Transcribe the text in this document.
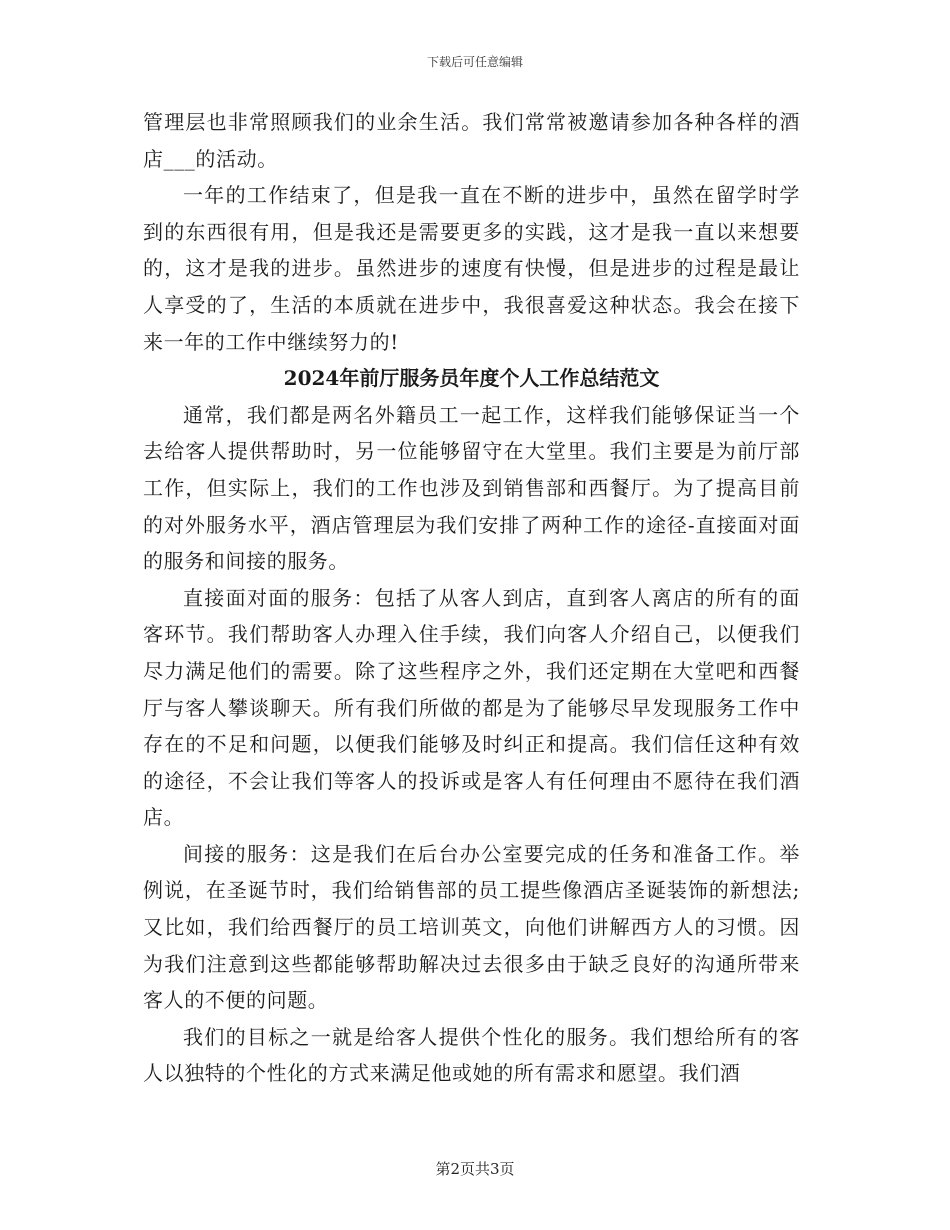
下载后可任意编辑

管理层也非常照顾我们的业余生活。我们常常被邀请参加各种各样的酒店___的活动。

一年的工作结束了，但是我一直在不断的进步中，虽然在留学时学到的东西很有用，但是我还是需要更多的实践，这才是我一直以来想要的，这才是我的进步。虽然进步的速度有快慢，但是进步的过程是最让人享受的了，生活的本质就在进步中，我很喜爱这种状态。我会在接下来一年的工作中继续努力的!

2024年前厅服务员年度个人工作总结范文

通常，我们都是两名外籍员工一起工作，这样我们能够保证当一个去给客人提供帮助时，另一位能够留守在大堂里。我们主要是为前厅部工作，但实际上，我们的工作也涉及到销售部和西餐厅。为了提高目前的对外服务水平，酒店管理层为我们安排了两种工作的途径-直接面对面的服务和间接的服务。

直接面对面的服务：包括了从客人到店，直到客人离店的所有的面客环节。我们帮助客人办理入住手续，我们向客人介绍自己，以便我们尽力满足他们的需要。除了这些程序之外，我们还定期在大堂吧和西餐厅与客人攀谈聊天。所有我们所做的都是为了能够尽早发现服务工作中存在的不足和问题，以便我们能够及时纠正和提高。我们信任这种有效的途径，不会让我们等客人的投诉或是客人有任何理由不愿待在我们酒店。

间接的服务：这是我们在后台办公室要完成的任务和准备工作。举例说，在圣诞节时，我们给销售部的员工提些像酒店圣诞装饰的新想法;又比如，我们给西餐厅的员工培训英文，向他们讲解西方人的习惯。因为我们注意到这些都能够帮助解决过去很多由于缺乏良好的沟通所带来客人的不便的问题。

我们的目标之一就是给客人提供个性化的服务。我们想给所有的客人以独特的个性化的方式来满足他或她的所有需求和愿望。我们酒

第2页共3页
